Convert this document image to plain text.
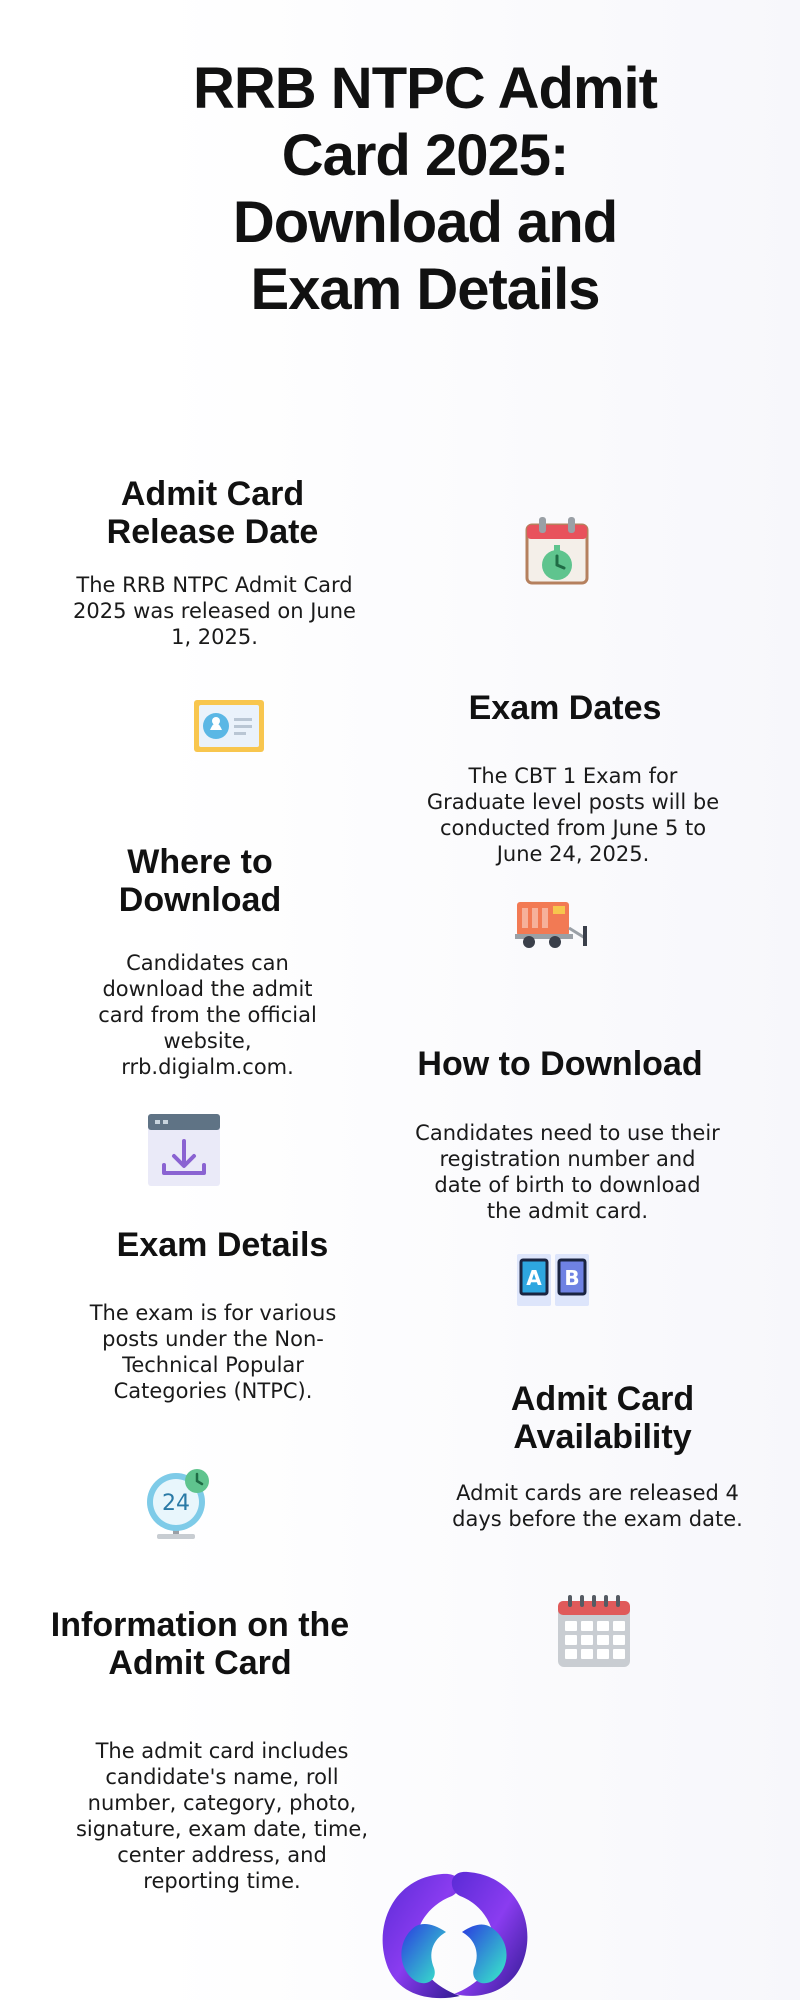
RRB NTPC Admit Card 2025: Download and Exam Details
Admit Card Release Date

The RRB NTPC Admit Card 2025 was released on June 1, 2025.

Exam Dates

The CBT 1 Exam for Graduate level posts will be conducted from June 5 to June 24, 2025.

Where to Download

Candidates can download the admit card from the official website, rrb.digialm.com.	How to Download

Candidates need to use their registration number and date of birth to download the admit card.

Exam Details

The exam is for various posts under the Non-Technical Popular Categories (NTPC).

A B
Admit Card Availability

Admit cards are released 4 days before the exam date.

24
Information on the Admit Card

The admit card includes candidate's name, roll number, category, photo, signature, exam date, time, center address, and reporting time.
